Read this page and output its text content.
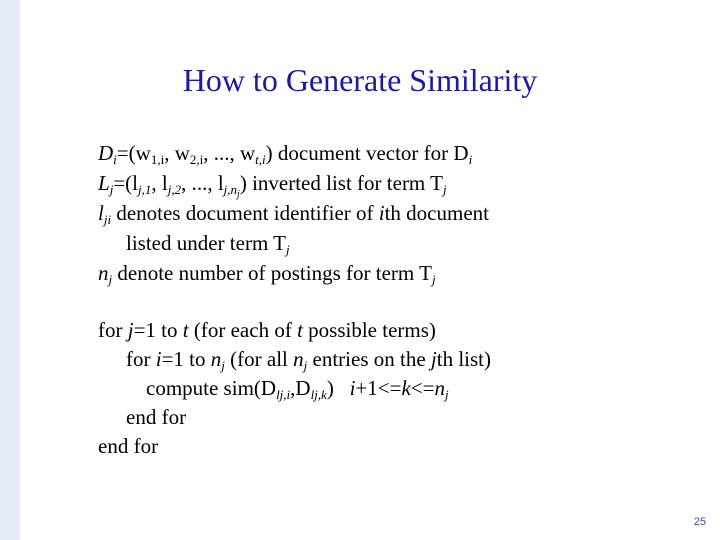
How to Generate Similarity
$D_i=(w_{1,i}$, $w_{2,i}$, ..., $w_{t,i}$) document vector for $D_i$
$L_j=(l_{j,1}$, $l_{j,2}$, ..., $l_{j,n_j}$) inverted list for term $T_j$
$l_{ji}$ denotes document identifier of ith document
listed under term $T_j$
$n_j$ denote number of postings for term $T_j$
for j=1 to t (for each of t possible terms)
for i=1 to $n_j$ (for all $n_j$ entries on the jth list)
compute $sim(D_{lj,i},D_{lj,k})$   $i+1<=k<=n_j$
end for
end for
25
